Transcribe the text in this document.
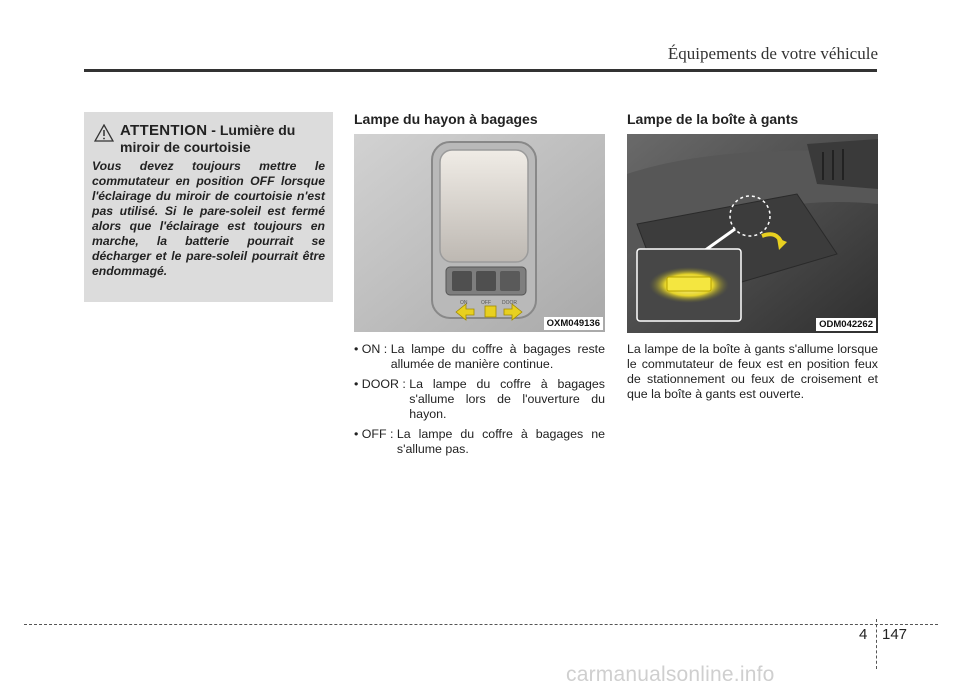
Équipements de votre véhicule
ATTENTION - Lumière du miroir de courtoisie
Vous devez toujours mettre le commutateur en position OFF lorsque l'éclairage du miroir de courtoisie n'est pas utilisé. Si le pare-soleil est fermé alors que l'éclairage est toujours en marche, la batterie pourrait se décharger et le pare-soleil pourrait être endommagé.
Lampe du hayon à bagages
ON	OFF DOOR
OXM049136
• ON : La lampe du coffre à bagages reste allumée de manière continue.
• DOOR : La lampe du coffre à bagages s'allume lors de l'ouverture du hayon.
• OFF : La lampe du coffre à bagages ne s'allume pas.
Lampe de la boîte à gants
ODM042262
La lampe de la boîte à gants s'allume lorsque le commutateur de feux est en position feux de stationnement ou feux de croisement et que la boîte à gants est ouverte.
4 147
carmanualsonline.info
